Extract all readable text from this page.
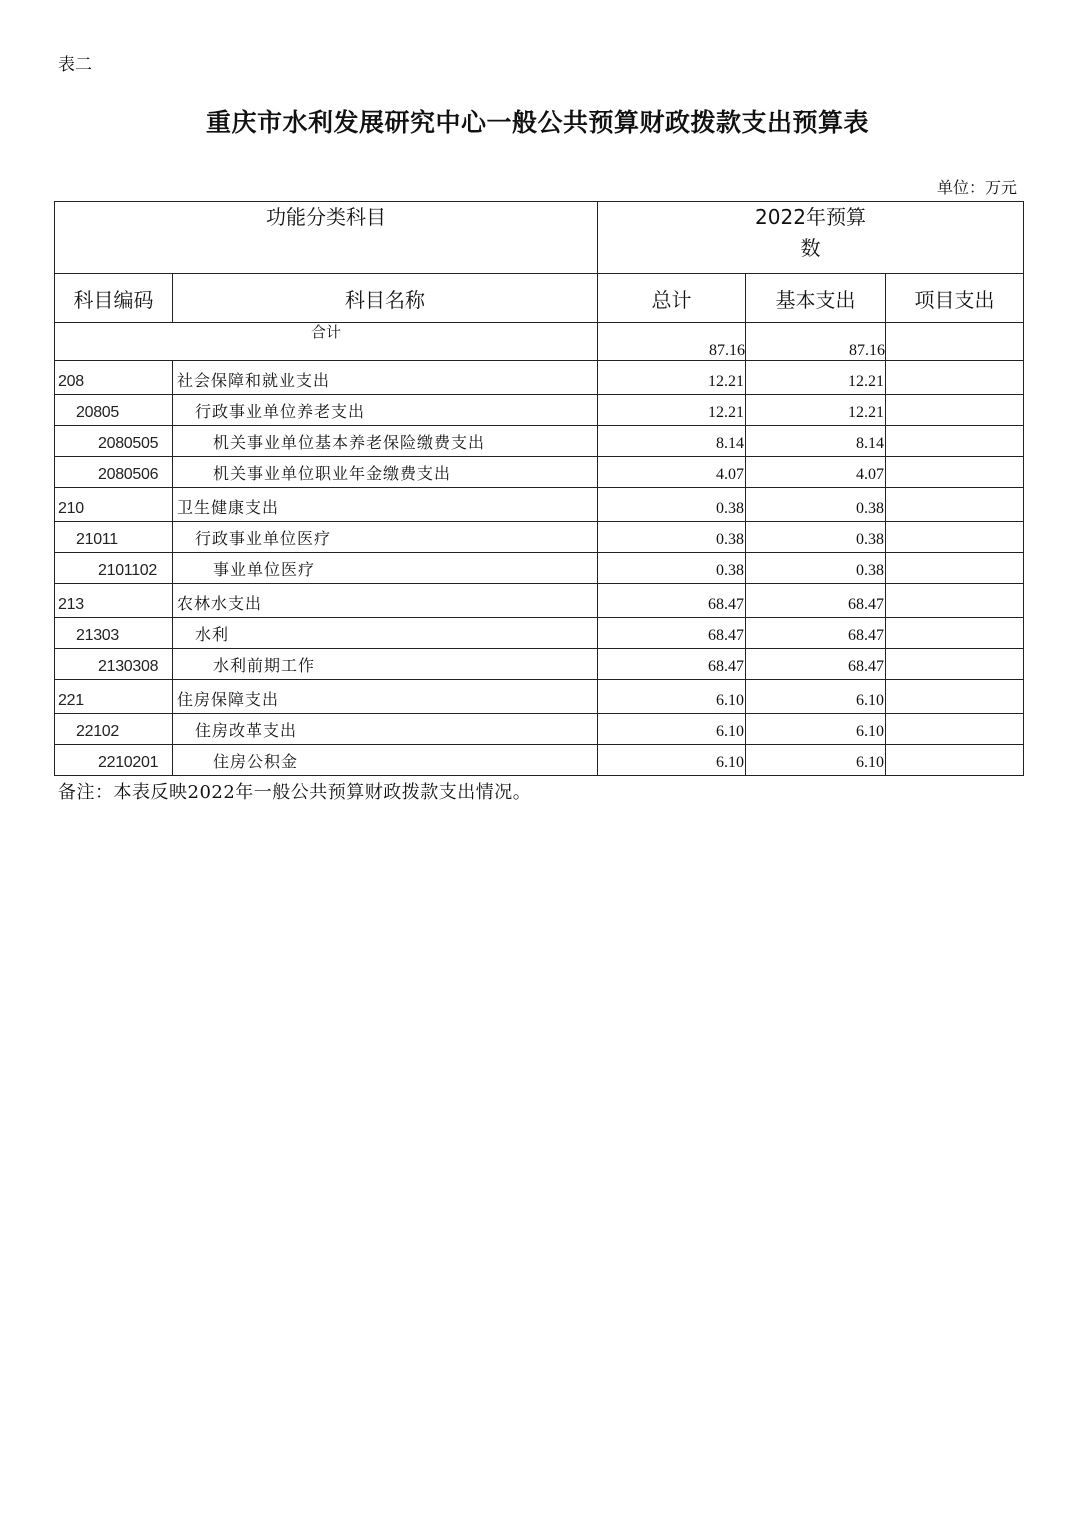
表二
重庆市水利发展研究中心一般公共预算财政拨款支出预算表
单位：万元
功能分类科目		2022年预算
数		
科目编码	科目名称	总计	基本支出	项目支出
合计		87.16	87.16	
208	社会保障和就业支出	12.21	12.21	
20805	行政事业单位养老支出	12.21	12.21	
2080505	机关事业单位基本养老保险缴费支出	8.14	8.14	
2080506	机关事业单位职业年金缴费支出	4.07	4.07	
210	卫生健康支出	0.38	0.38	
21011	行政事业单位医疗	0.38	0.38	
2101102	事业单位医疗	0.38	0.38	
213	农林水支出	68.47	68.47	
21303	水利	68.47	68.47	
2130308	水利前期工作	68.47	68.47	
221	住房保障支出	6.10	6.10	
22102	住房改革支出	6.10	6.10	
2210201	住房公积金	6.10	6.10	
备注：本表反映2022年一般公共预算财政拨款支出情况。
